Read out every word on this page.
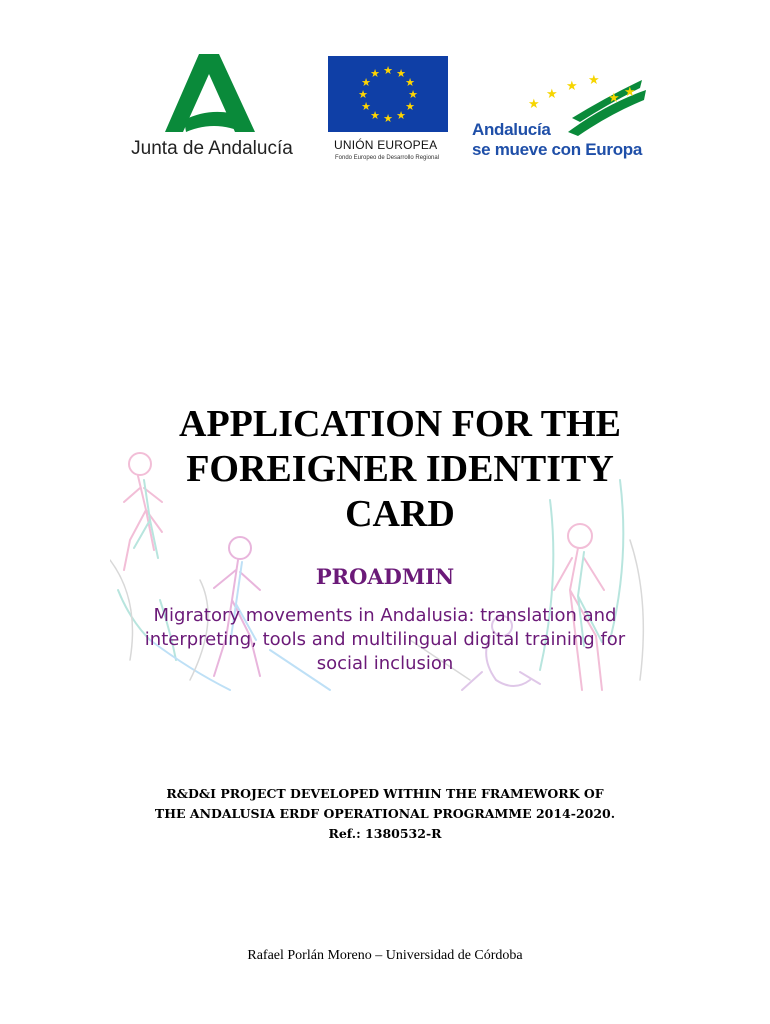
Junta de Andalucía
★ ★
★
★
★
★
★
★
★
★
★
★
UNIÓN EUROPEA
Fondo Europeo de Desarrollo Regional
★
★
★ ★
★ ★
Andalucía
se mueve con Europa
APPLICATION FOR THE
FOREIGNER IDENTITY
CARD
PROADMIN
Migratory movements in Andalusia: translation and
interpreting, tools and multilingual digital training for
social inclusion
R&D&I PROJECT DEVELOPED WITHIN THE FRAMEWORK OF
THE ANDALUSIA ERDF OPERATIONAL PROGRAMME 2014-2020.
Ref.: 1380532-R
Rafael Porlán Moreno – Universidad de Córdoba
